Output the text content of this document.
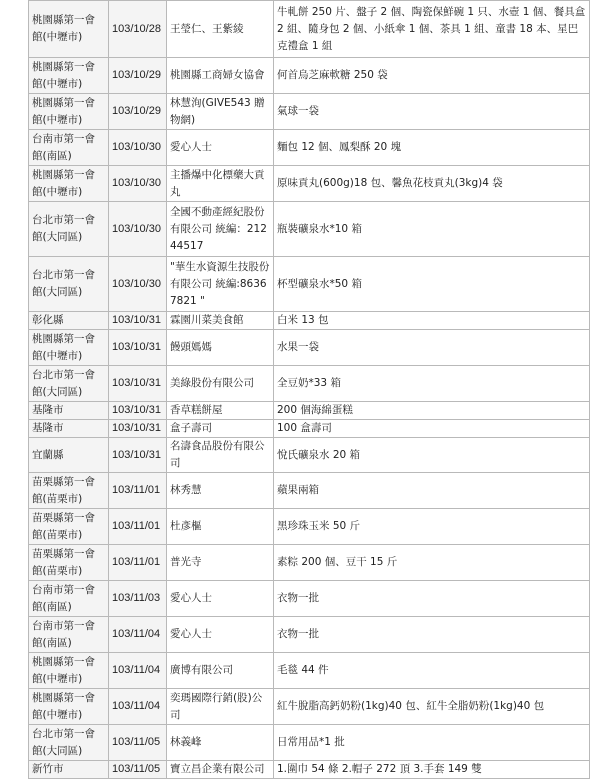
桃園縣第一會館(中壢市)	103/10/28	王瑩仁、王紫綾	牛軋餅 250 片、盤子 2 個、陶瓷保鮮碗 1 只、水壺 1 個、餐具盒 2 組、隨身包 2 個、小紙傘 1 個、茶具 1 組、童書 18 本、星巴克禮盒 1 組
桃園縣第一會館(中壢市)	103/10/29	桃園縣工商婦女協會	何首烏芝麻軟糖 250 袋
桃園縣第一會館(中壢市)	103/10/29	林慧洵(GIVE543 贈物網)	氣球一袋
台南市第一會館(南區)	103/10/30	愛心人士	麵包 12 個、鳳梨酥 20 塊
桃園縣第一會館(中壢市)	103/10/30	主播爆中化標藥大貢丸	原味貢丸(600g)18 包、馨魚花枝貢丸(3kg)4 袋
台北市第一會館(大同區)	103/10/30	全國不動產經紀股份有限公司 統編：21244517	瓶裝礦泉水*10 箱
台北市第一會館(大同區)	103/10/30	"華生水資源生技股份有限公司 統編:86367821 "	杯型礦泉水*50 箱
彰化縣	103/10/31	霖園川菜美食館	白米 13 包
桃園縣第一會館(中壢市)	103/10/31	饅頭媽媽	水果一袋
台北市第一會館(大同區)	103/10/31	美綠股份有限公司	全豆奶*33 箱
基隆市	103/10/31	香草糕餅屋	200 個海綿蛋糕
基隆市	103/10/31	盒子壽司	100 盒壽司
宜蘭縣	103/10/31	名濤食品股份有限公司	悅氏礦泉水 20 箱
苗栗縣第一會館(苗栗市)	103/11/01	林秀慧	蘋果兩箱
苗栗縣第一會館(苗栗市)	103/11/01	杜彥樞	黑珍珠玉米 50 斤
苗栗縣第一會館(苗栗市)	103/11/01	普光寺	素粽 200 個、豆干 15 斤
台南市第一會館(南區)	103/11/03	愛心人士	衣物一批
台南市第一會館(南區)	103/11/04	愛心人士	衣物一批
桃園縣第一會館(中壢市)	103/11/04	廣博有限公司	毛毯 44 件
桃園縣第一會館(中壢市)	103/11/04	奕瑪國際行銷(股)公司	紅牛脫脂高鈣奶粉(1kg)40 包、紅牛全脂奶粉(1kg)40 包
台北市第一會館(大同區)	103/11/05	林義峰	日常用品*1 批
新竹市	103/11/05	寶立昌企業有限公司	1.圍巾 54 條 2.帽子 272 頂 3.手套 149 雙
